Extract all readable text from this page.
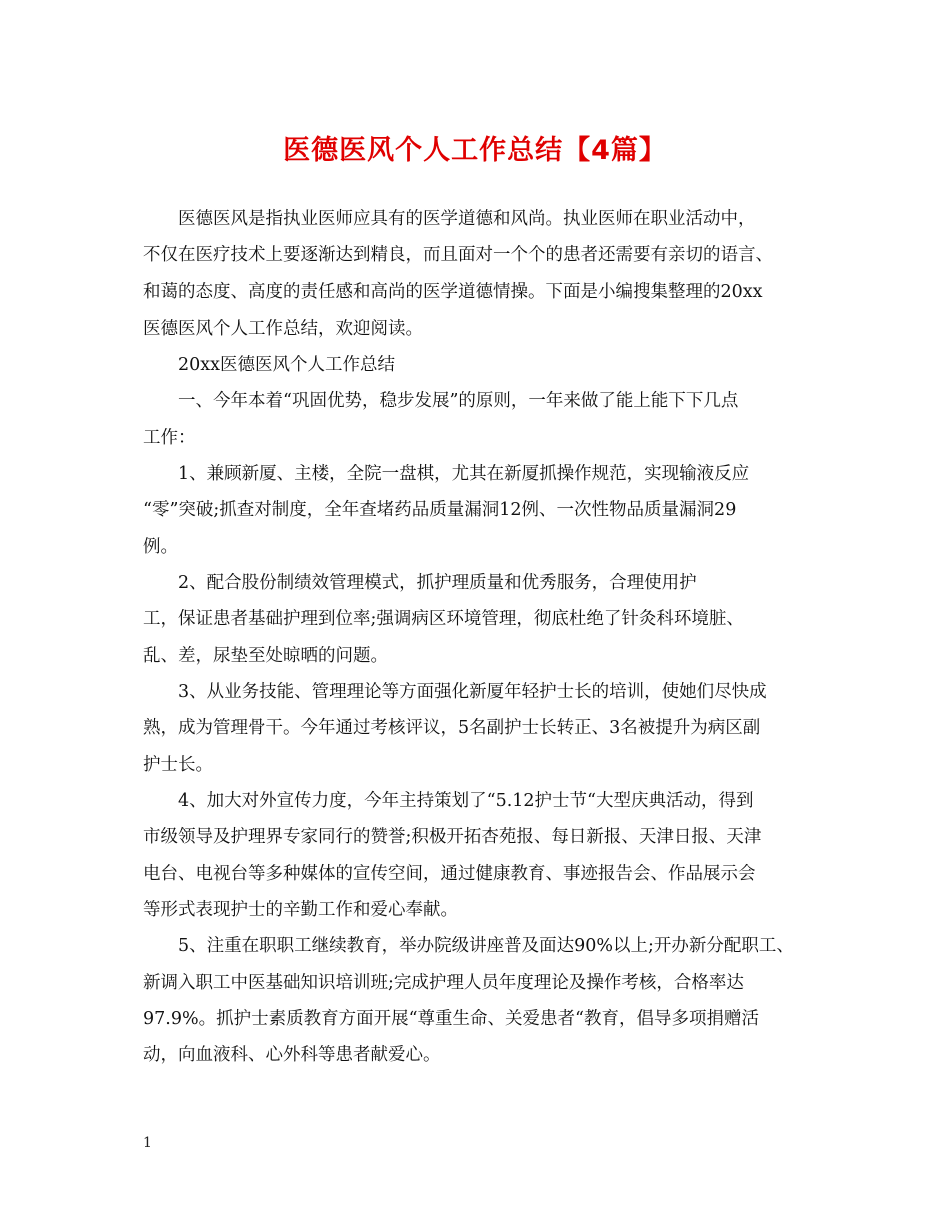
医德医风个人工作总结【4篇】
医德医风是指执业医师应具有的医学道德和风尚。执业医师在职业活动中，
不仅在医疗技术上要逐渐达到精良，而且面对一个个的患者还需要有亲切的语言、
和蔼的态度、高度的责任感和高尚的医学道德情操。下面是小编搜集整理的20xx
医德医风个人工作总结，欢迎阅读。
20xx医德医风个人工作总结
一、今年本着“巩固优势，稳步发展”的原则，一年来做了能上能下下几点
工作：
1、兼顾新厦、主楼，全院一盘棋，尤其在新厦抓操作规范，实现输液反应
“零”突破;抓查对制度，全年查堵药品质量漏洞12例、一次性物品质量漏洞29
例。
2、配合股份制绩效管理模式，抓护理质量和优秀服务，合理使用护
工，保证患者基础护理到位率;强调病区环境管理，彻底杜绝了针灸科环境脏、
乱、差，尿垫至处晾晒的问题。
3、从业务技能、管理理论等方面强化新厦年轻护士长的培训，使她们尽快成
熟，成为管理骨干。今年通过考核评议，5名副护士长转正、3名被提升为病区副
护士长。
4、加大对外宣传力度，今年主持策划了“5.12护士节“大型庆典活动，得到
市级领导及护理界专家同行的赞誉;积极开拓杏苑报、每日新报、天津日报、天津
电台、电视台等多种媒体的宣传空间，通过健康教育、事迹报告会、作品展示会
等形式表现护士的辛勤工作和爱心奉献。
5、注重在职职工继续教育，举办院级讲座普及面达90%以上;开办新分配职工、
新调入职工中医基础知识培训班;完成护理人员年度理论及操作考核，合格率达
97.9%。抓护士素质教育方面开展“尊重生命、关爱患者“教育，倡导多项捐赠活
动，向血液科、心外科等患者献爱心。
1
